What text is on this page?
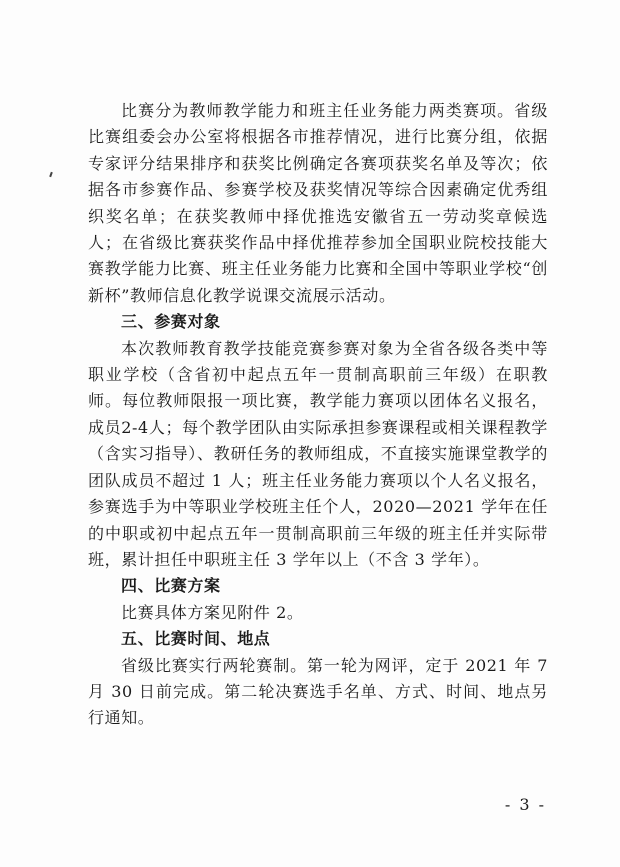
比赛分为教师教学能力和班主任业务能力两类赛项。省级比赛组委会办公室将根据各市推荐情况，进行比赛分组，依据专家评分结果排序和获奖比例确定各赛项获奖名单及等次；依据各市参赛作品、参赛学校及获奖情况等综合因素确定优秀组织奖名单；在获奖教师中择优推选安徽省五一劳动奖章候选人；在省级比赛获奖作品中择优推荐参加全国职业院校技能大赛教学能力比赛、班主任业务能力比赛和全国中等职业学校“创新杯”教师信息化教学说课交流展示活动。

三、参赛对象

本次教师教育教学技能竞赛参赛对象为全省各级各类中等职业学校（含省初中起点五年一贯制高职前三年级）在职教师。每位教师限报一项比赛，教学能力赛项以团体名义报名，成员2-4人；每个教学团队由实际承担参赛课程或相关课程教学（含实习指导）、教研任务的教师组成，不直接实施课堂教学的团队成员不超过 1 人；班主任业务能力赛项以个人名义报名，参赛选手为中等职业学校班主任个人，2020—2021 学年在任的中职或初中起点五年一贯制高职前三年级的班主任并实际带班，累计担任中职班主任 3 学年以上（不含 3 学年）。

四、比赛方案

比赛具体方案见附件 2。

五、比赛时间、地点

省级比赛实行两轮赛制。第一轮为网评，定于 2021 年 7 月 30 日前完成。第二轮决赛选手名单、方式、时间、地点另行通知。

- 3 -
